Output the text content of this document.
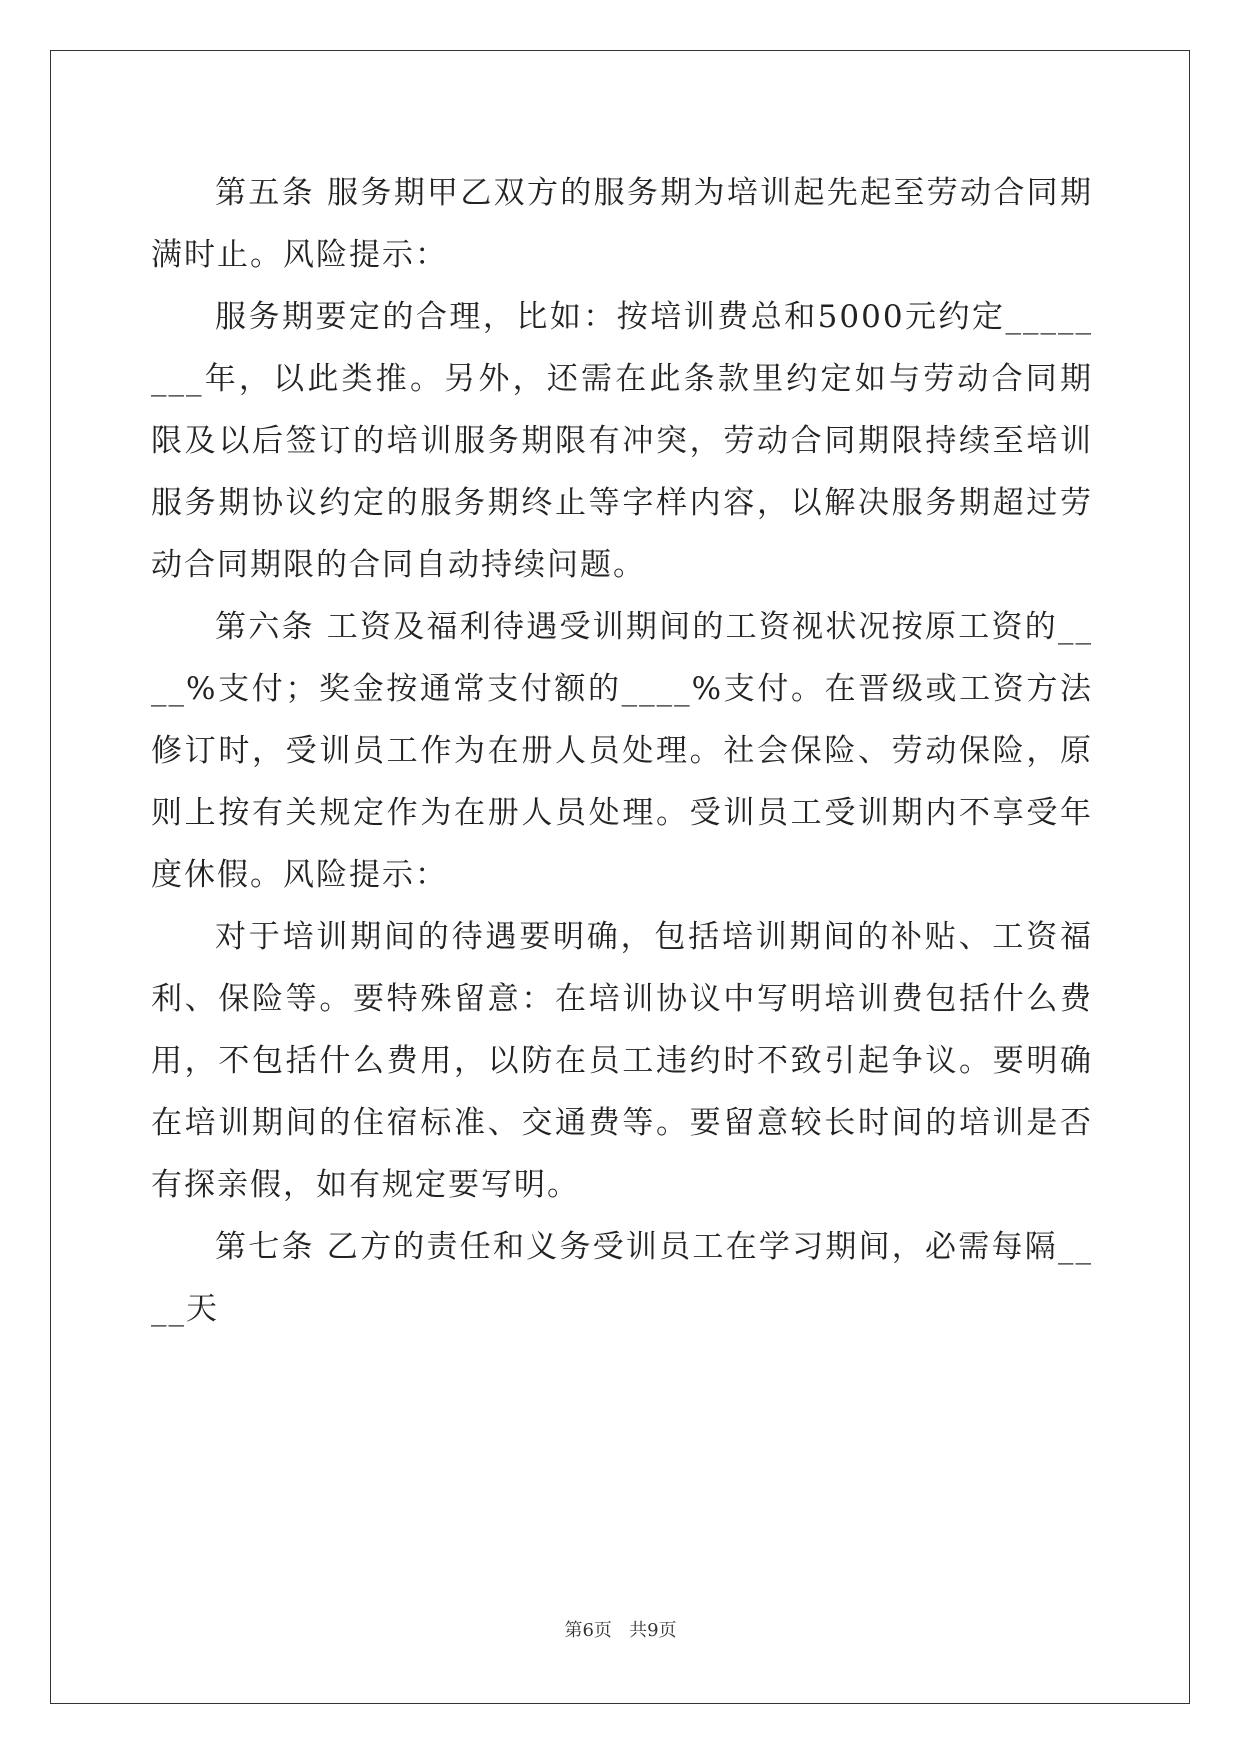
第五条 服务期甲乙双方的服务期为培训起先起至劳动合同期满时止。风险提示：

服务期要定的合理，比如：按培训费总和5000元约定________年，以此类推。另外，还需在此条款里约定如与劳动合同期限及以后签订的培训服务期限有冲突，劳动合同期限持续至培训服务期协议约定的服务期终止等字样内容，以解决服务期超过劳动合同期限的合同自动持续问题。

第六条 工资及福利待遇受训期间的工资视状况按原工资的____%支付；奖金按通常支付额的____%支付。在晋级或工资方法修订时，受训员工作为在册人员处理。社会保险、劳动保险，原则上按有关规定作为在册人员处理。受训员工受训期内不享受年度休假。风险提示：

对于培训期间的待遇要明确，包括培训期间的补贴、工资福利、保险等。要特殊留意：在培训协议中写明培训费包括什么费用，不包括什么费用，以防在员工违约时不致引起争议。要明确在培训期间的住宿标准、交通费等。要留意较长时间的培训是否有探亲假，如有规定要写明。

第七条 乙方的责任和义务受训员工在学习期间，必需每隔____天

第6页   共9页
